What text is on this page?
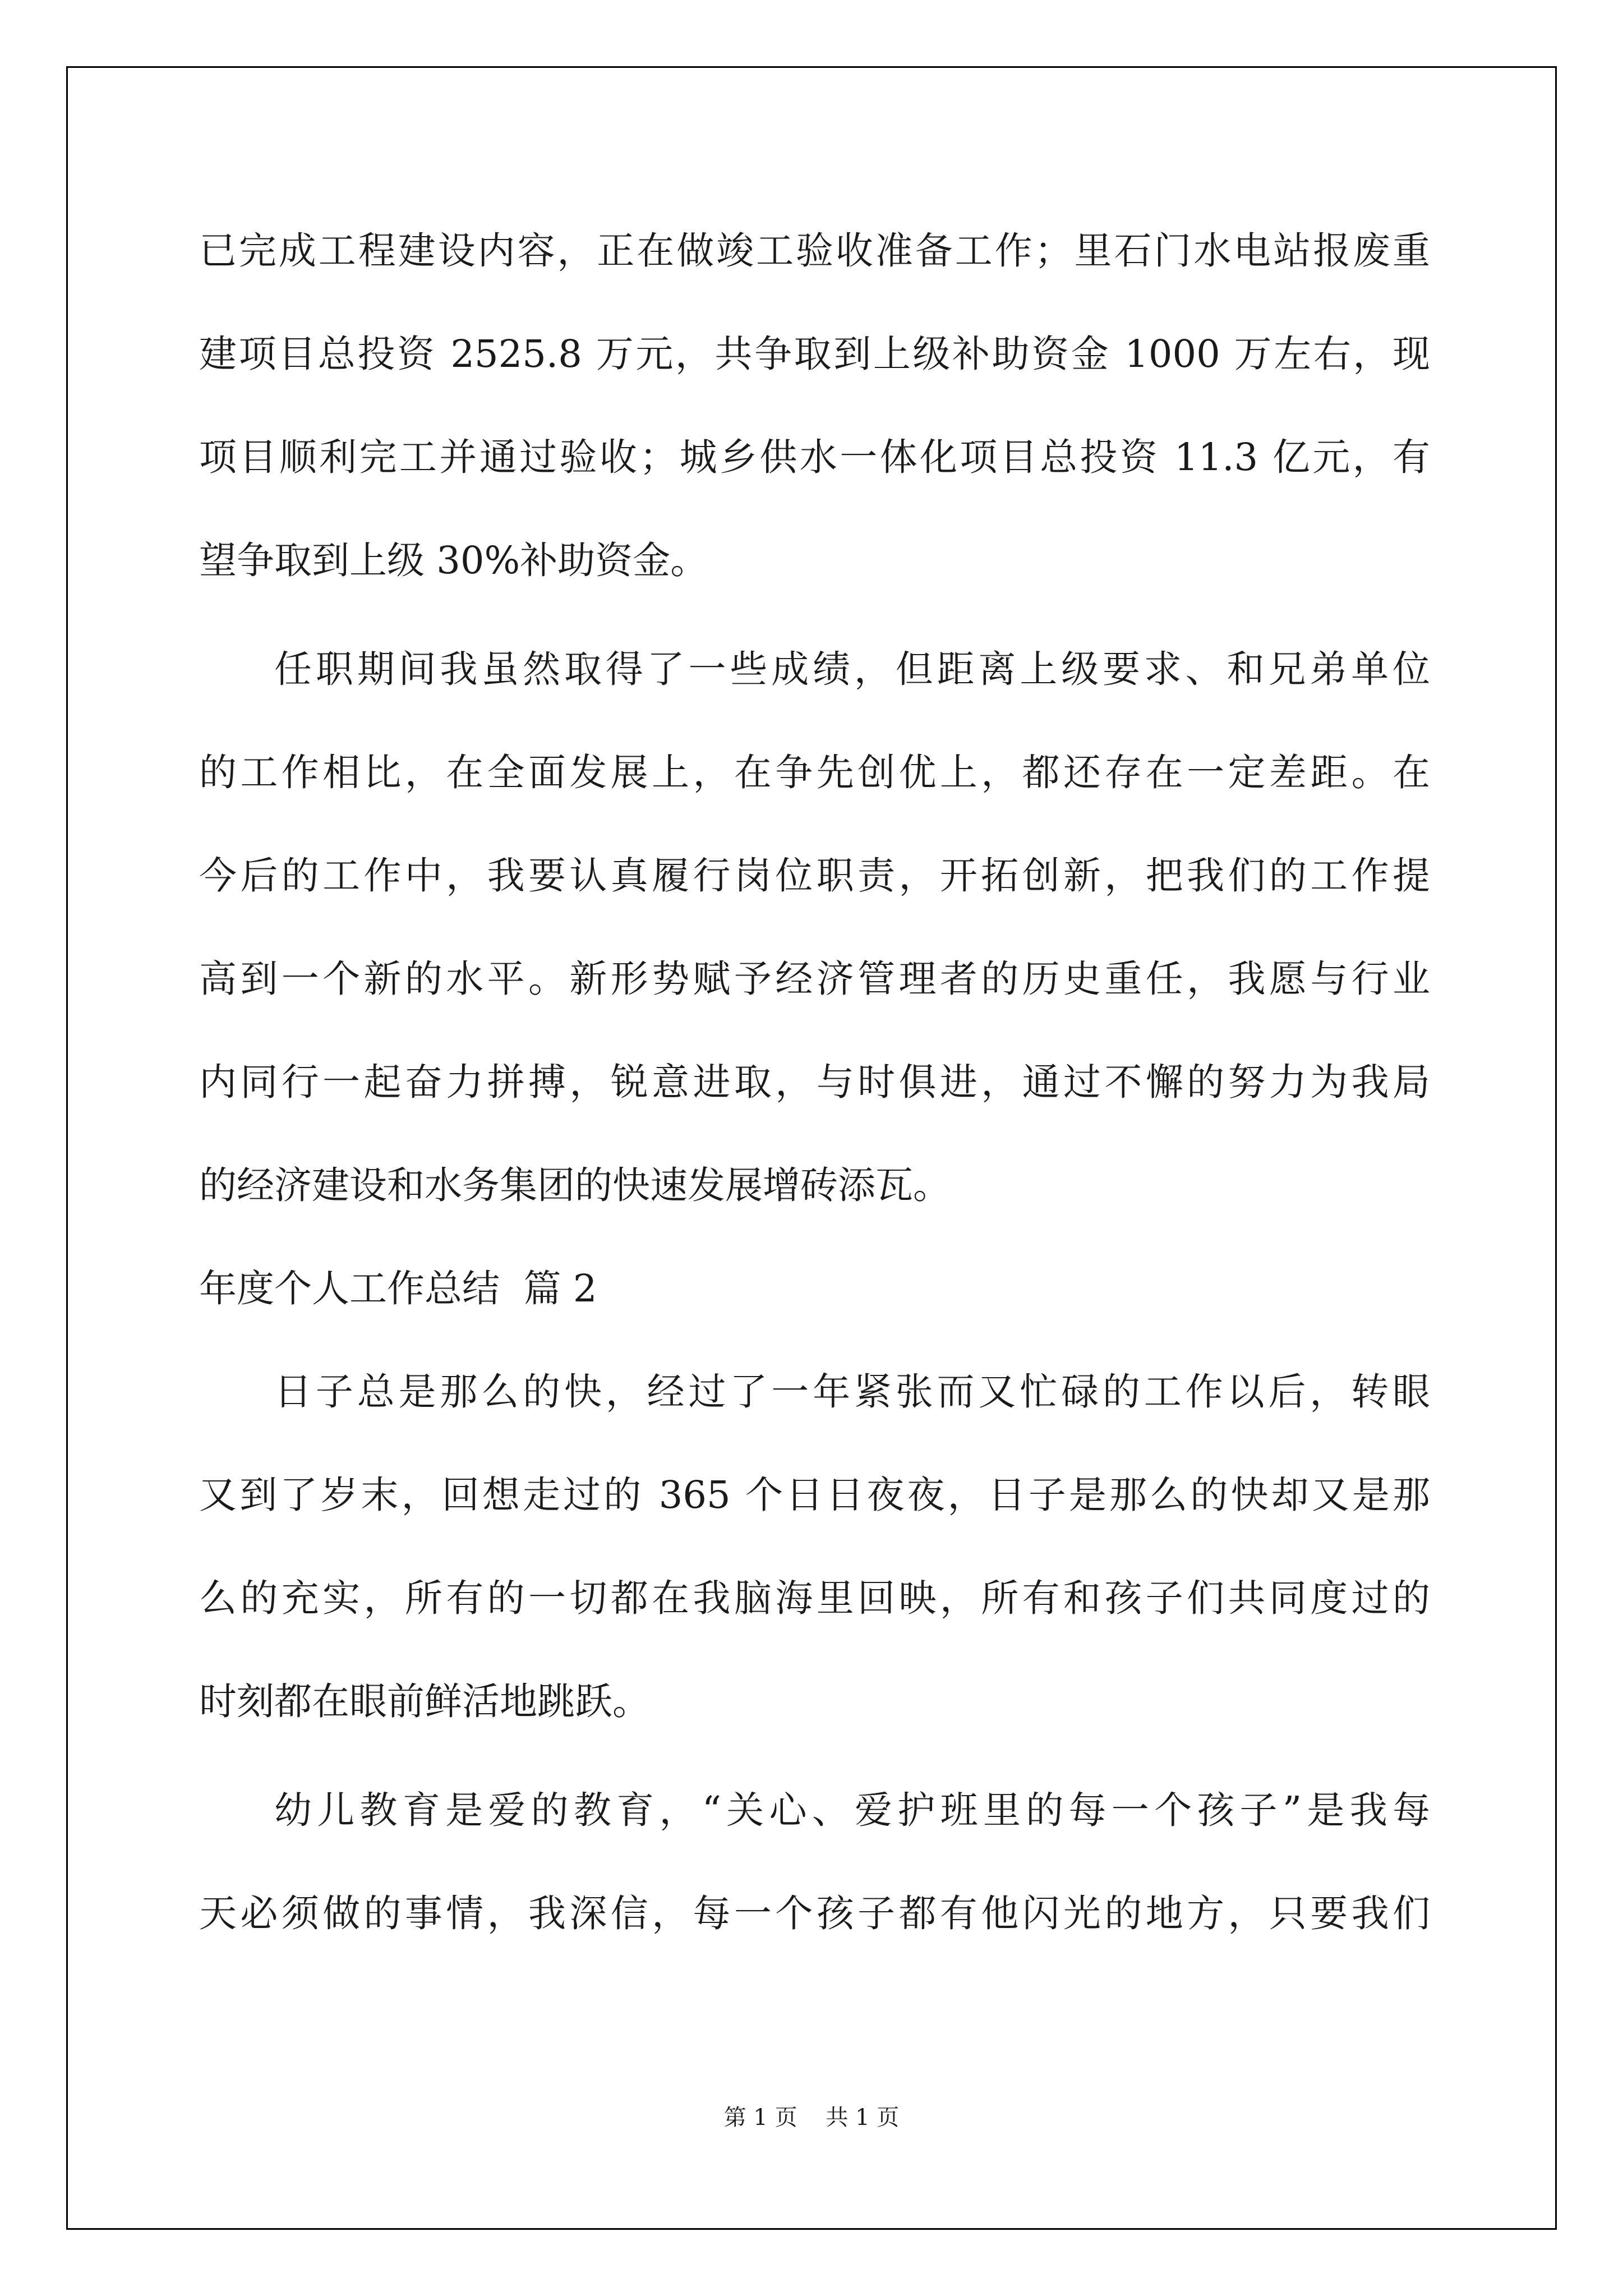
已完成工程建设内容，正在做竣工验收准备工作；里石门水电站报废重

建项目总投资 2525.8 万元，共争取到上级补助资金 1000 万左右，现

项目顺利完工并通过验收；城乡供水一体化项目总投资 11.3 亿元，有

望争取到上级 30%补助资金。

任职期间我虽然取得了一些成绩，但距离上级要求、和兄弟单位

的工作相比，在全面发展上，在争先创优上，都还存在一定差距。在

今后的工作中，我要认真履行岗位职责，开拓创新，把我们的工作提

高到一个新的水平。新形势赋予经济管理者的历史重任，我愿与行业

内同行一起奋力拼搏，锐意进取，与时俱进，通过不懈的努力为我局

的经济建设和水务集团的快速发展增砖添瓦。

年度个人工作总结  篇 2

日子总是那么的快，经过了一年紧张而又忙碌的工作以后，转眼

又到了岁末，回想走过的 365 个日日夜夜，日子是那么的快却又是那

么的充实，所有的一切都在我脑海里回映，所有和孩子们共同度过的

时刻都在眼前鲜活地跳跃。

幼儿教育是爱的教育，“关心、爱护班里的每一个孩子”是我每

天必须做的事情，我深信，每一个孩子都有他闪光的地方，只要我们

第 1 页    共 1 页
